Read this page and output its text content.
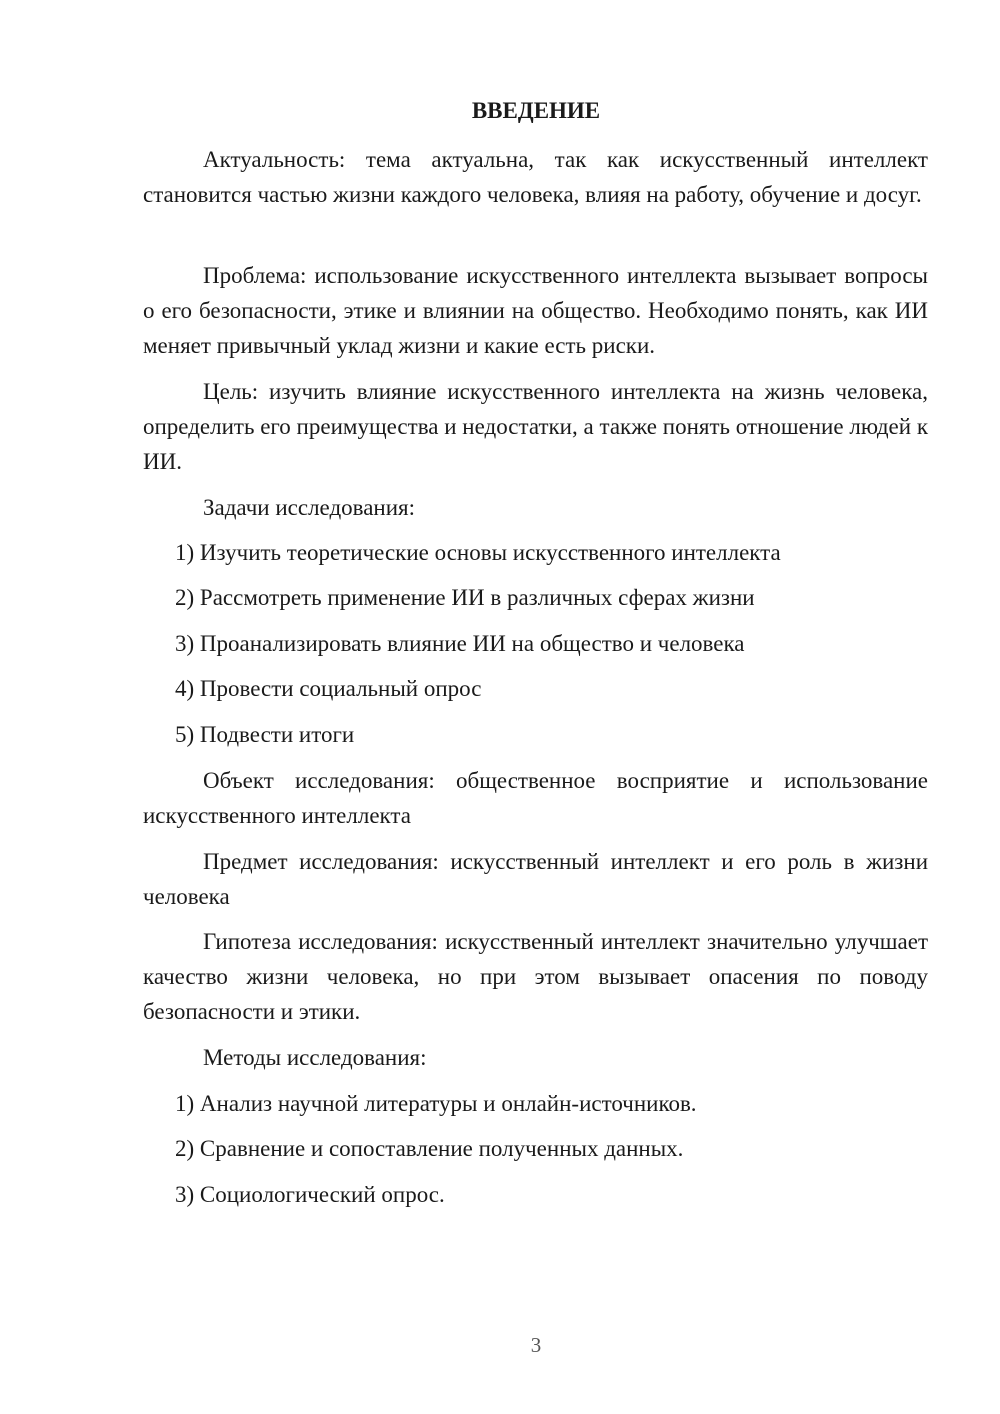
ВВЕДЕНИЕ

Актуальность: тема актуальна, так как искусственный интеллект становится частью жизни каждого человека, влияя на работу, обучение и досуг.

Проблема: использование искусственного интеллекта вызывает вопросы о его безопасности, этике и влиянии на общество. Необходимо понять, как ИИ меняет привычный уклад жизни и какие есть риски.

Цель: изучить влияние искусственного интеллекта на жизнь человека, определить его преимущества и недостатки, а также понять отношение людей к ИИ.

Задачи исследования:

1) Изучить теоретические основы искусственного интеллекта

2) Рассмотреть применение ИИ в различных сферах жизни

3) Проанализировать влияние ИИ на общество и человека

4) Провести социальный опрос

5) Подвести итоги

Объект исследования: общественное восприятие и использование искусственного интеллекта

Предмет исследования: искусственный интеллект и его роль в жизни человека

Гипотеза исследования: искусственный интеллект значительно улучшает качество жизни человека, но при этом вызывает опасения по поводу безопасности и этики.

Методы исследования:

1) Анализ научной литературы и онлайн-источников.

2) Сравнение и сопоставление полученных данных.

3) Социологический опрос.

3
